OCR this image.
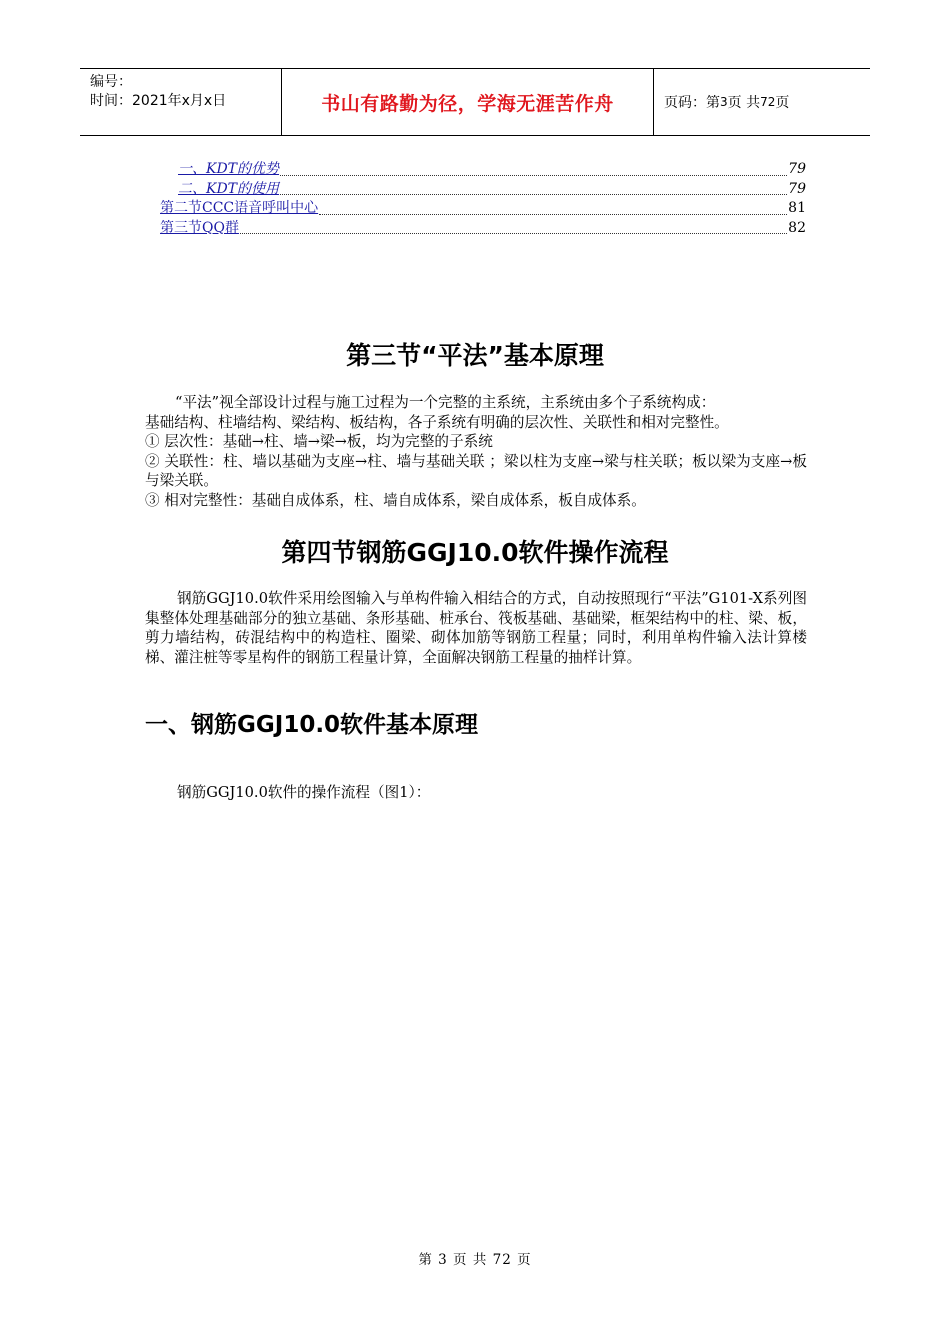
编号：
时间：2021年x月x日	书山有路勤为径，学海无涯苦作舟	页码：第 3 页 共 72 页
一、KDT的优势	79
二、KDT的使用	79
第二节CCC语音呼叫中心	81
第三节QQ群	82
第三节“平法”基本原理
“平法”视全部设计过程与施工过程为一个完整的主系统，主系统由多个子系统构成：
基础结构、柱墙结构、梁结构、板结构，各子系统有明确的层次性、关联性和相对完整性。
① 层次性：基础→柱、墙→梁→板，均为完整的子系统
② 关联性：柱、墙以基础为支座→柱、墙与基础关联 ；梁以柱为支座→梁与柱关联；板以梁为支座→板与梁关联。
③ 相对完整性：基础自成体系，柱、墙自成体系，梁自成体系，板自成体系。
第四节钢筋GGJ10.0软件操作流程

钢筋GGJ10.0软件采用绘图输入与单构件输入相结合的方式，自动按照现行“平法”G101-X系列图集整体处理基础部分的独立基础、条形基础、桩承台、筏板基础、基础梁，框架结构中的柱、梁、板，剪力墙结构，砖混结构中的构造柱、圈梁、砌体加筋等钢筋工程量；同时，利用单构件输入法计算楼梯、灌注桩等零星构件的钢筋工程量计算，全面解决钢筋工程量的抽样计算。

一、钢筋GGJ10.0软件基本原理

钢筋GGJ10.0软件的操作流程（图1）：

第 3 页 共 72 页
